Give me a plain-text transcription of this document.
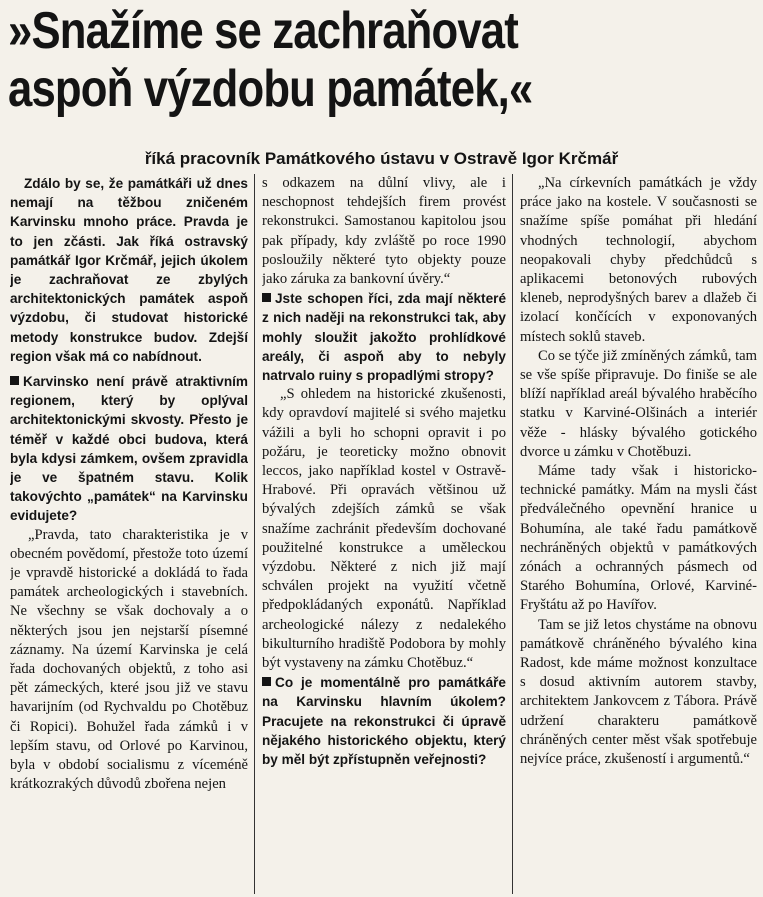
»Snažíme se zachraňovat
aspoň výzdobu památek,«
říká pracovník Památkového ústavu v Ostravě Igor Krčmář

Zdálo by se, že památkáři už dnes nemají na těžbou zničeném Karvinsku mnoho práce. Pravda je to jen zčásti. Jak říká ostravský památkář Igor Krčmář, jejich úkolem je zachraňovat ze zbylých architektonických památek aspoň výzdobu, či studovat historické metody konstrukce budov. Zdejší region však má co nabídnout.

Karvinsko není právě atraktivním regionem, který by oplýval architektonickými skvosty. Přesto je téměř v každé obci budova, která byla kdysi zámkem, ovšem zpravidla je ve špatném stavu. Kolik takovýchto „památek“ na Karvinsku evidujete?

„Pravda, tato charakteristika je v obecném povědomí, přestože toto území je vpravdě historické a dokládá to řada památek archeologických i stavebních. Ne všechny se však dochovaly a o některých jsou jen nejstarší písemné záznamy. Na území Karvinska je celá řada dochovaných objektů, z toho asi pět zámeckých, které jsou již ve stavu havarijním (od Rychvaldu po Chotěbuz či Ropici). Bohužel řada zámků i v lepším stavu, od Orlové po Karvinou, byla v období socialismu z víceméně krátkozrakých důvodů zbořena nejen

s odkazem na důlní vlivy, ale i neschopnost tehdejších firem provést rekonstrukci. Samostanou kapitolou jsou pak případy, kdy zvláště po roce 1990 posloužily některé tyto objekty pouze jako záruka za bankovní úvěry.“

Jste schopen říci, zda mají některé z nich naději na rekonstrukci tak, aby mohly sloužit jakožto prohlídkové areály, či aspoň aby to nebyly natrvalo ruiny s propadlými stropy?

„S ohledem na historické zkušenosti, kdy opravdoví majitelé si svého majetku vážili a byli ho schopni opravit i po požáru, je teoreticky možno obnovit leccos, jako například kostel v Ostravě-Hrabové. Při opravách většinou už bývalých zdejších zámků se však snažíme zachránit především dochované použitelné konstrukce a uměleckou výzdobu. Některé z nich již mají schválen projekt na využití včetně předpokládaných exponátů. Například archeologické nálezy z nedalekého bikulturního hradiště Podobora by mohly být vystaveny na zámku Chotěbuz.“

Co je momentálně pro památkáře na Karvinsku hlavním úkolem? Pracujete na rekonstrukci či úpravě nějakého historického objektu, který by měl být zpřístupněn veřejnosti?

„Na církevních památkách je vždy práce jako na kostele. V současnosti se snažíme spíše pomáhat při hledání vhodných technologií, abychom neopakovali chyby předchůdců s aplikacemi betonových rubových kleneb, neprodyšných barev a dlažeb či izolací končících v exponovaných místech soklů staveb.

Co se týče již zmíněných zámků, tam se vše spíše připravuje. Do finiše se ale blíží například areál bývalého hraběcího statku v Karviné-Olšinách a interiér věže - hlásky bývalého gotického dvorce u zámku v Chotěbuzi.

Máme tady však i historicko-technické památky. Mám na mysli část předválečného opevnění hranice u Bohumína, ale také řadu památkově nechráněných objektů v památkových zónách a ochranných pásmech od Starého Bohumína, Orlové, Karviné-Fryštátu až po Havířov.

Tam se již letos chystáme na obnovu památkově chráněného bývalého kina Radost, kde máme možnost konzultace s dosud aktivním autorem stavby, architektem Jankovcem z Tábora. Právě udržení charakteru památkově chráněných center měst však spotřebuje nejvíce práce, zkušeností i argumentů.“
